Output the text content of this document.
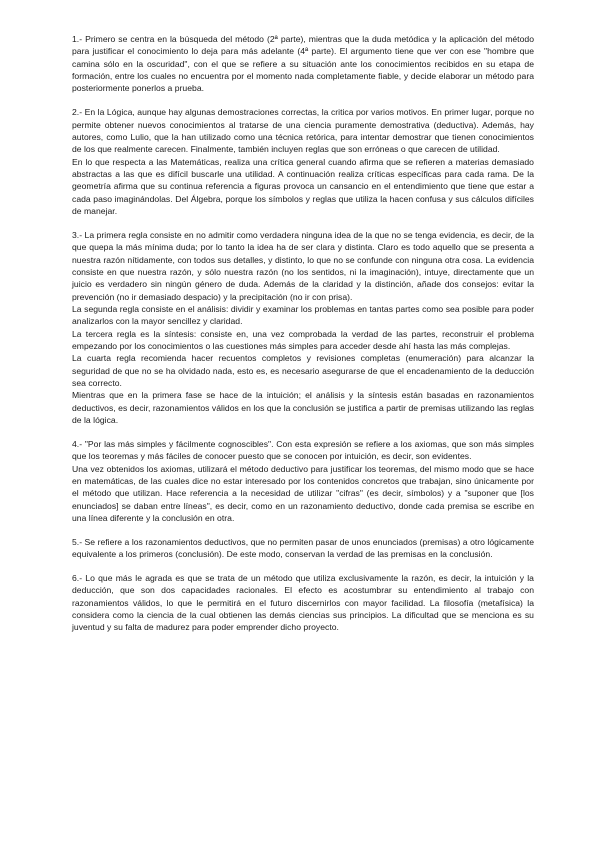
1.- Primero se centra en la búsqueda del método (2ª parte), mientras que la duda metódica y la aplicación del método para justificar el conocimiento lo deja para más adelante (4ª parte). El argumento tiene que ver con ese "hombre que camina sólo en la oscuridad", con el que se refiere a su situación ante los conocimientos recibidos en su etapa de formación, entre los cuales no encuentra por el momento nada completamente fiable, y decide elaborar un método para posteriormente ponerlos a prueba.

2.- En la Lógica, aunque hay algunas demostraciones correctas, la critica por varios motivos. En primer lugar, porque no permite obtener nuevos conocimientos al tratarse de una ciencia puramente demostrativa (deductiva). Además, hay autores, como Lulio, que la han utilizado como una técnica retórica, para intentar demostrar que tienen conocimientos de los que realmente carecen. Finalmente, también incluyen reglas que son erróneas o que carecen de utilidad.

En lo que respecta a las Matemáticas, realiza una crítica general cuando afirma que se refieren a materias demasiado abstractas a las que es difícil buscarle una utilidad. A continuación realiza críticas específicas para cada rama. De la geometría afirma que su continua referencia a figuras provoca un cansancio en el entendimiento que tiene que estar a cada paso imaginándolas. Del Álgebra, porque los símbolos y reglas que utiliza la hacen confusa y sus cálculos difíciles de manejar.

3.- La primera regla consiste en no admitir como verdadera ninguna idea de la que no se tenga evidencia, es decir, de la que quepa la más mínima duda; por lo tanto la idea ha de ser clara y distinta. Claro es todo aquello que se presenta a nuestra razón nítidamente, con todos sus detalles, y distinto, lo que no se confunde con ninguna otra cosa. La evidencia consiste en que nuestra razón, y sólo nuestra razón (no los sentidos, ni la imaginación), intuye, directamente que un juicio es verdadero sin ningún género de duda. Además de la claridad y la distinción, añade dos consejos: evitar la prevención (no ir demasiado despacio) y la precipitación (no ir con prisa).

La segunda regla consiste en el análisis: dividir y examinar los problemas en tantas partes como sea posible para poder analizarlos con la mayor sencillez y claridad.

La tercera regla es la síntesis: consiste en, una vez comprobada la verdad de las partes, reconstruir el problema empezando por los conocimientos o las cuestiones más simples para acceder desde ahí hasta las más complejas.

La cuarta regla recomienda hacer recuentos completos y revisiones completas (enumeración) para alcanzar la seguridad de que no se ha olvidado nada, esto es, es necesario asegurarse de que el encadenamiento de la deducción sea correcto.

Mientras que en la primera fase se hace de la intuición; el análisis y la síntesis están basadas en razonamientos deductivos, es decir, razonamientos válidos en los que la conclusión se justifica a partir de premisas utilizando las reglas de la lógica.

4.- "Por las más simples y fácilmente cognoscibles". Con esta expresión se refiere a los axiomas, que son más simples que los teoremas y más fáciles de conocer puesto que se conocen por intuición, es decir, son evidentes.

Una vez obtenidos los axiomas, utilizará el método deductivo para justificar los teoremas, del mismo modo que se hace en matemáticas, de las cuales dice no estar interesado por los contenidos concretos que trabajan, sino únicamente por el método que utilizan. Hace referencia a la necesidad de utilizar "cifras" (es decir, símbolos) y a "suponer que [los enunciados] se daban entre líneas", es decir, como en un razonamiento deductivo, donde cada premisa se escribe en una línea diferente y la conclusión en otra.

5.- Se refiere a los razonamientos deductivos, que no permiten pasar de unos enunciados (premisas) a otro lógicamente equivalente a los primeros (conclusión). De este modo, conservan la verdad de las premisas en la conclusión.

6.- Lo que más le agrada es que se trata de un método que utiliza exclusivamente la razón, es decir, la intuición y la deducción, que son dos capacidades racionales. El efecto es acostumbrar su entendimiento al trabajo con razonamientos válidos, lo que le permitirá en el futuro discernirlos con mayor facilidad. La filosofía (metafísica) la considera como la ciencia de la cual obtienen las demás ciencias sus principios. La dificultad que se menciona es su juventud y su falta de madurez para poder emprender dicho proyecto.
